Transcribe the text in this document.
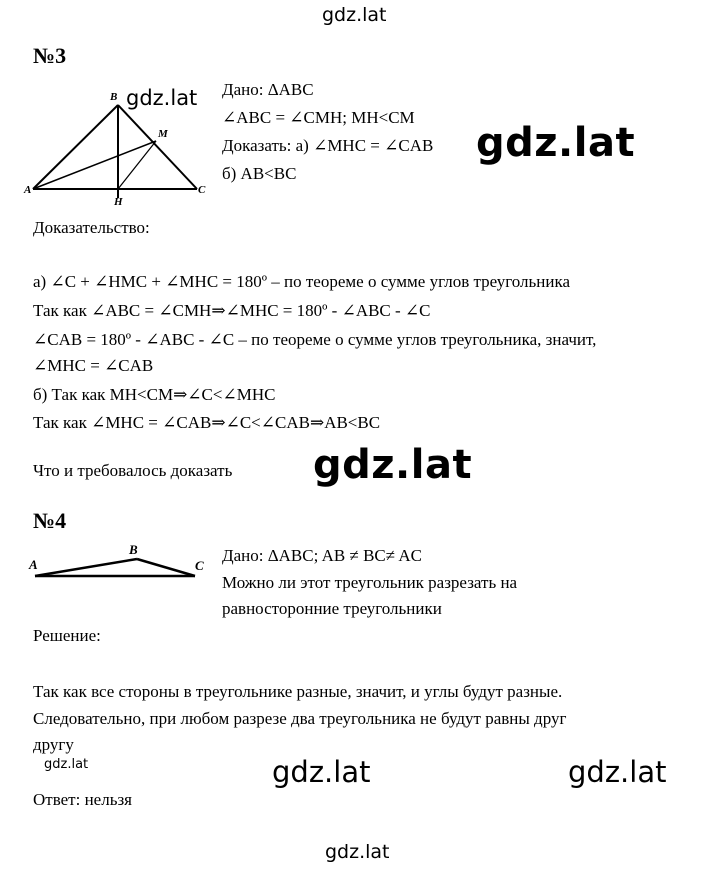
gdz.lat
№3
B
M
A	C
H
gdz.lat Дано: ΔABC
∠ABC = ∠CMH; MH<CM
Доказать: а) ∠MHC = ∠CAB
б) AB<BC
gdz.lat
Доказательство:
а) ∠C + ∠HMC + ∠MHC = 180º – по теореме о сумме углов треугольника
Так как ∠ABC = ∠CMH⇒∠MHC = 180º - ∠ABC - ∠C
∠CAB = 180º - ∠ABC - ∠C – по теореме о сумме углов треугольника, значит,
∠MHC = ∠CAB
б) Так как MH<CM⇒∠C<∠MHC
Так как ∠MHC = ∠CAB⇒∠C<∠CAB⇒AB<BC
Что и требовалось доказать gdz.lat
№4
A
B
C
Дано: ΔABC; AB ≠ BC≠ AC
Можно ли этот треугольник разрезать на
равносторонние треугольники
Решение:
Так как все стороны в треугольнике разные, значит, и углы будут разные.
Следовательно, при любом разрезе два треугольника не будут равны друг
другу
gdz.lat	gdz.lat	gdz.lat
Ответ: нельзя
gdz.lat
